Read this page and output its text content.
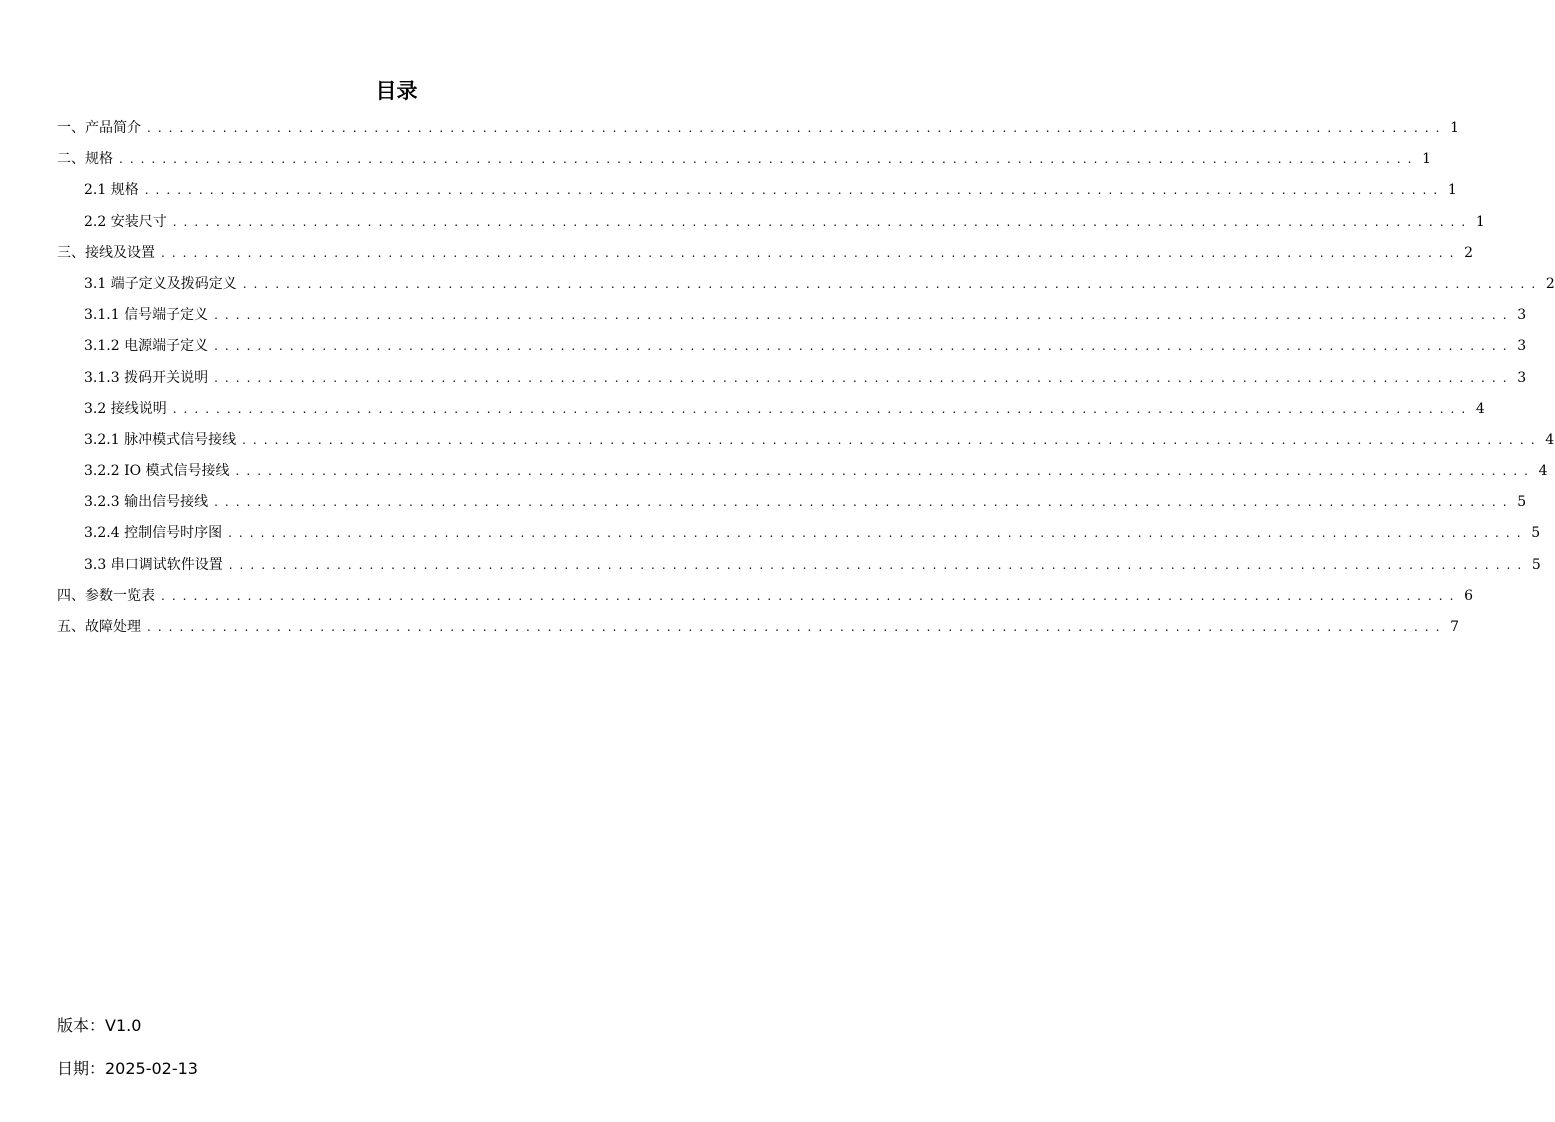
目录
一、产品简介 . . . . . . . . . . . . . . . . . . . . . . . . . . . . . . . . . . . . . . . . . . . . . . . . . . . . . . . . . . . . . . . . . . . . . . . . . . . . . . . . . . . . . . . . . . . . . . . . . . . . . . . . . . . . . . . . . . . . . . . . 1
二、规格 . . . . . . . . . . . . . . . . . . . . . . . . . . . . . . . . . . . . . . . . . . . . . . . . . . . . . . . . . . . . . . . . . . . . . . . . . . . . . . . . . . . . . . . . . . . . . . . . . . . . . . . . . . . . . . . . . . . . . . . . 1
2.1 规格 . . . . . . . . . . . . . . . . . . . . . . . . . . . . . . . . . . . . . . . . . . . . . . . . . . . . . . . . . . . . . . . . . . . . . . . . . . . . . . . . . . . . . . . . . . . . . . . . . . . . . . . . . . . . . . . . . . . . . . . . 1
2.2 安装尺寸 . . . . . . . . . . . . . . . . . . . . . . . . . . . . . . . . . . . . . . . . . . . . . . . . . . . . . . . . . . . . . . . . . . . . . . . . . . . . . . . . . . . . . . . . . . . . . . . . . . . . . . . . . . . . . . . . . . . . . . . . 1
三、接线及设置 . . . . . . . . . . . . . . . . . . . . . . . . . . . . . . . . . . . . . . . . . . . . . . . . . . . . . . . . . . . . . . . . . . . . . . . . . . . . . . . . . . . . . . . . . . . . . . . . . . . . . . . . . . . . . . . . . . . . . . . . 2
3.1 端子定义及拨码定义 . . . . . . . . . . . . . . . . . . . . . . . . . . . . . . . . . . . . . . . . . . . . . . . . . . . . . . . . . . . . . . . . . . . . . . . . . . . . . . . . . . . . . . . . . . . . . . . . . . . . . . . . . . . . . . . . . . . . . . . . 2
3.1.1 信号端子定义 . . . . . . . . . . . . . . . . . . . . . . . . . . . . . . . . . . . . . . . . . . . . . . . . . . . . . . . . . . . . . . . . . . . . . . . . . . . . . . . . . . . . . . . . . . . . . . . . . . . . . . . . . . . . . . . . . . . . . . . . 3
3.1.2 电源端子定义 . . . . . . . . . . . . . . . . . . . . . . . . . . . . . . . . . . . . . . . . . . . . . . . . . . . . . . . . . . . . . . . . . . . . . . . . . . . . . . . . . . . . . . . . . . . . . . . . . . . . . . . . . . . . . . . . . . . . . . . . 3
3.1.3 拨码开关说明 . . . . . . . . . . . . . . . . . . . . . . . . . . . . . . . . . . . . . . . . . . . . . . . . . . . . . . . . . . . . . . . . . . . . . . . . . . . . . . . . . . . . . . . . . . . . . . . . . . . . . . . . . . . . . . . . . . . . . . . . 3
3.2 接线说明 . . . . . . . . . . . . . . . . . . . . . . . . . . . . . . . . . . . . . . . . . . . . . . . . . . . . . . . . . . . . . . . . . . . . . . . . . . . . . . . . . . . . . . . . . . . . . . . . . . . . . . . . . . . . . . . . . . . . . . . . 4
3.2.1 脉冲模式信号接线 . . . . . . . . . . . . . . . . . . . . . . . . . . . . . . . . . . . . . . . . . . . . . . . . . . . . . . . . . . . . . . . . . . . . . . . . . . . . . . . . . . . . . . . . . . . . . . . . . . . . . . . . . . . . . . . . . . . . . . . . 4
3.2.2 IO 模式信号接线 . . . . . . . . . . . . . . . . . . . . . . . . . . . . . . . . . . . . . . . . . . . . . . . . . . . . . . . . . . . . . . . . . . . . . . . . . . . . . . . . . . . . . . . . . . . . . . . . . . . . . . . . . . . . . . . . . . . . . . . . 4
3.2.3 输出信号接线 . . . . . . . . . . . . . . . . . . . . . . . . . . . . . . . . . . . . . . . . . . . . . . . . . . . . . . . . . . . . . . . . . . . . . . . . . . . . . . . . . . . . . . . . . . . . . . . . . . . . . . . . . . . . . . . . . . . . . . . . 5
3.2.4 控制信号时序图 . . . . . . . . . . . . . . . . . . . . . . . . . . . . . . . . . . . . . . . . . . . . . . . . . . . . . . . . . . . . . . . . . . . . . . . . . . . . . . . . . . . . . . . . . . . . . . . . . . . . . . . . . . . . . . . . . . . . . . . . 5
3.3 串口调试软件设置 . . . . . . . . . . . . . . . . . . . . . . . . . . . . . . . . . . . . . . . . . . . . . . . . . . . . . . . . . . . . . . . . . . . . . . . . . . . . . . . . . . . . . . . . . . . . . . . . . . . . . . . . . . . . . . . . . . . . . . . . 5
四、参数一览表 . . . . . . . . . . . . . . . . . . . . . . . . . . . . . . . . . . . . . . . . . . . . . . . . . . . . . . . . . . . . . . . . . . . . . . . . . . . . . . . . . . . . . . . . . . . . . . . . . . . . . . . . . . . . . . . . . . . . . . . . 6
五、故障处理 . . . . . . . . . . . . . . . . . . . . . . . . . . . . . . . . . . . . . . . . . . . . . . . . . . . . . . . . . . . . . . . . . . . . . . . . . . . . . . . . . . . . . . . . . . . . . . . . . . . . . . . . . . . . . . . . . . . . . . . . 7
版本：V1.0
日期：2025-02-13
